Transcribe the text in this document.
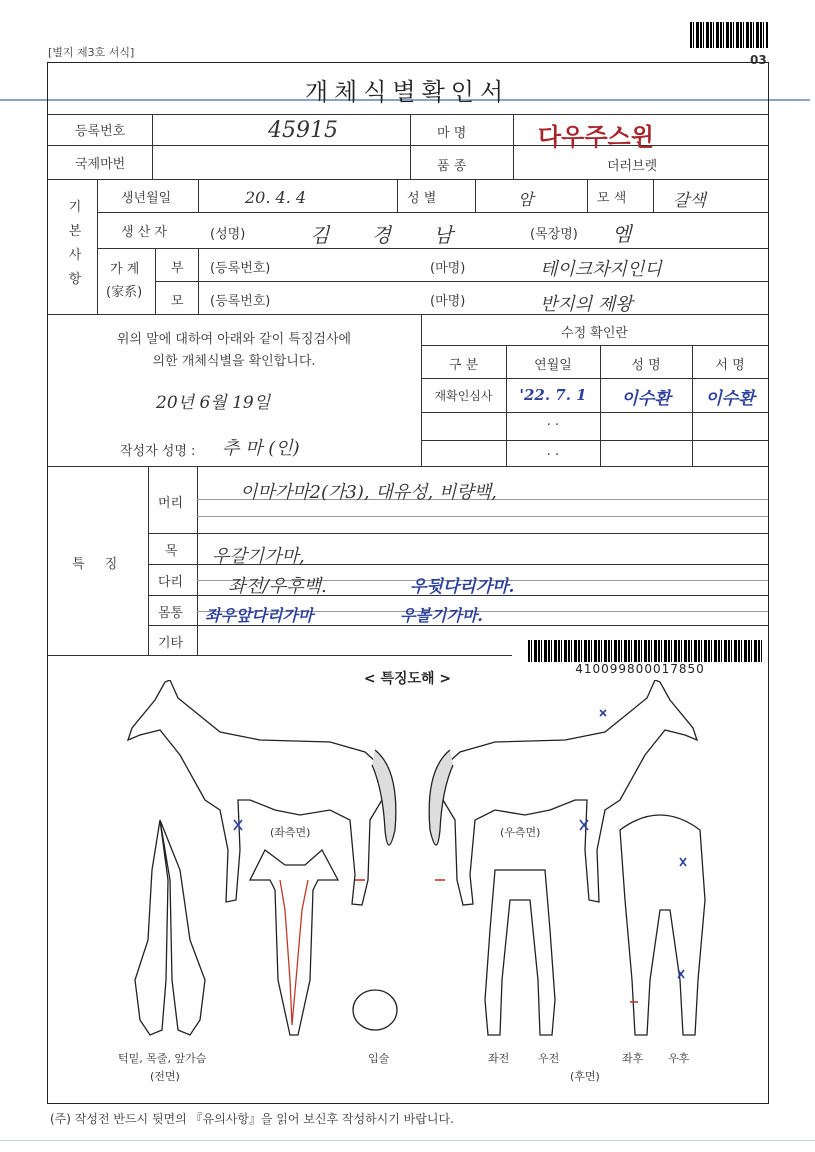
03
[별지 제3호 서식]
개체식별확인서
등록번호	45915
국제마번
마 명	다우주스윈
품 종	더러브렛
기본사항
생년월일	20. 4. 4	성 별	암	모 색	갈색
생 산 자	(성명)	김 경 남	(목장명) 엠
가 계
(家系)
부 (등록번호)	(마명)	테이크차지인디
모 (등록번호)	(마명)	반지의 제왕
위의 말에 대하여 아래와 같이 특징검사에
의한 개체식별을 확인합니다.
20년 6월 19일
작성자 성명 : 추 마 (인)
수정 확인란
구 분	연월일	성 명	서 명
재확인심사	'22. 7. 1	이수환	이수환
· ·
· ·
특 징
머리
이마가마2(가3), 대유성, 비량백,
목 우갈기가마,
다리 좌전/우후백.	우뒷다리가마.
몸통 좌우앞다리가마	우볼기가마.
기타
410099800017850
< 특징도해 >
(좌측면)	(우측면)
턱밑, 목줄, 앞가슴
(전면)
입술	좌전	우전	좌후 우후
(후면)
(주) 작성전 반드시 뒷면의 『유의사항』을 읽어 보신후 작성하시기 바랍니다.
